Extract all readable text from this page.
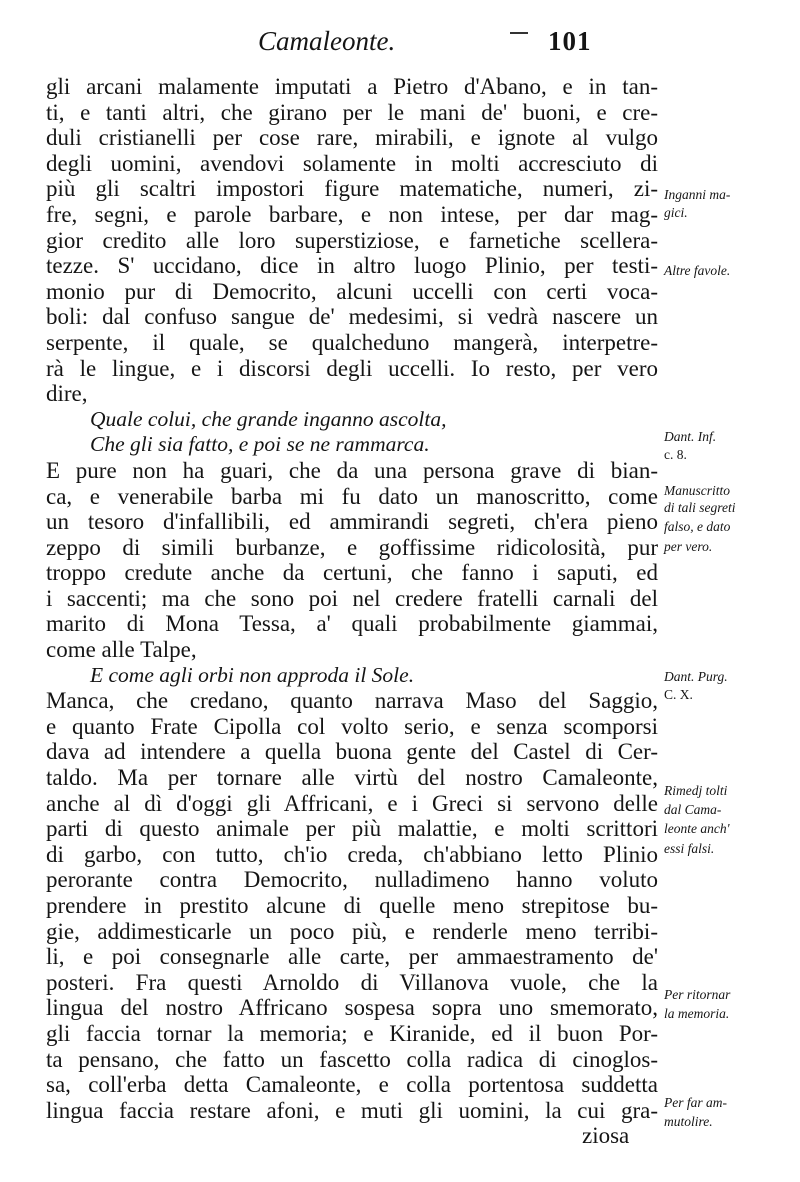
Camaleonte.	101
gli arcani malamente imputati a Pietro d'Abano, e in tan-
ti, e tanti altri, che girano per le mani de' buoni, e cre-
duli cristianelli per cose rare, mirabili, e ignote al vulgo
degli uomini, avendovi solamente in molti accresciuto di
più gli scaltri impostori figure matematiche, numeri, zi-
fre, segni, e parole barbare, e non intese, per dar mag-
gior credito alle loro superstiziose, e farnetiche scellera-
tezze. S' uccidano, dice in altro luogo Plinio, per testi-
monio pur di Democrito, alcuni uccelli con certi voca-
boli: dal confuso sangue de' medesimi, si vedrà nascere un
serpente, il quale, se qualcheduno mangerà, interpetre-
rà le lingue, e i discorsi degli uccelli. Io resto, per vero
dire,
Quale colui, che grande inganno ascolta,
Che gli sia fatto, e poi se ne rammarca.
E pure non ha guari, che da una persona grave di bian-
ca, e venerabile barba mi fu dato un manoscritto, come
un tesoro d'infallibili, ed ammirandi segreti, ch'era pieno
zeppo di simili burbanze, e goffissime ridicolosità, pur
troppo credute anche da certuni, che fanno i saputi, ed
i saccenti; ma che sono poi nel credere fratelli carnali del
marito di Mona Tessa, a' quali probabilmente giammai,
come alle Talpe,
E come agli orbi non approda il Sole.
Manca, che credano, quanto narrava Maso del Saggio,
e quanto Frate Cipolla col volto serio, e senza scomporsi
dava ad intendere a quella buona gente del Castel di Cer-
taldo. Ma per tornare alle virtù del nostro Camaleonte,
anche al dì d'oggi gli Affricani, e i Greci si servono delle
parti di questo animale per più malattie, e molti scrittori
di garbo, con tutto, ch'io creda, ch'abbiano letto Plinio
perorante contra Democrito, nulladimeno hanno voluto
prendere in prestito alcune di quelle meno strepitose bu-
gie, addimesticarle un poco più, e renderle meno terribi-
li, e poi consegnarle alle carte, per ammaestramento de'
posteri. Fra questi Arnoldo di Villanova vuole, che la
lingua del nostro Affricano sospesa sopra uno smemorato,
gli faccia tornar la memoria; e Kiranide, ed il buon Por-
ta pensano, che fatto un fascetto colla radica di cinoglos-
sa, coll'erba detta Camaleonte, e colla portentosa suddetta
lingua faccia restare afoni, e muti gli uomini, la cui gra-
ziosa
Inganni ma-
gici.
Altre favole.
Dant. Inf.
c. 8.
Manuscritto
di tali segreti
falso, e dato
per vero.
Dant. Purg.
C. X.
Rimedj tolti
dal Cama-
leonte anch'
essi falsi.
Per ritornar
la memoria.
Per far am-
mutolire.
